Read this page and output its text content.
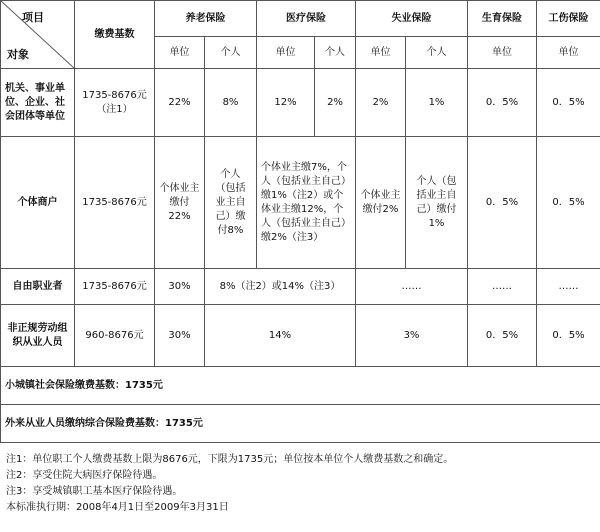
项目
对象	缴费基数	养老保险		医疗保险		失业保险		生育保险	工伤保险
		单位	个人	单位	个人	单位	个人	单位	单位
机关、事业单位、企业、社会团体等单位	1735-8676元（注1）	22%	8%	12%	2%	2%	1%	0．5%	0．5%
个体商户	1735-8676元	个体业主缴付22%	个人（包括业主自己）缴付8%	个体业主缴7%，个人（包括业主自己）缴1%（注2）或个体业主缴12%，个人（包括业主自己）缴2%（注3）		个体业主缴付2%	个人（包括业主自己）缴付1%	0．5%	0．5%
自由职业者	1735-8676元	30%	8%（注2）或14%（注3）			……		……	……
非正规劳动组织从业人员	960-8676元	30%	14%			3%		0．5%	0．5%
小城镇社会保险缴费基数：1735元									
外来从业人员缴纳综合保险费基数：1735元									
注1：单位职工个人缴费基数上限为8676元，下限为1735元；单位按本单位个人缴费基数之和确定。
注2：享受住院大病医疗保险待遇。
注3：享受城镇职工基本医疗保险待遇。
本标准执行期：2008年4月1日至2009年3月31日
